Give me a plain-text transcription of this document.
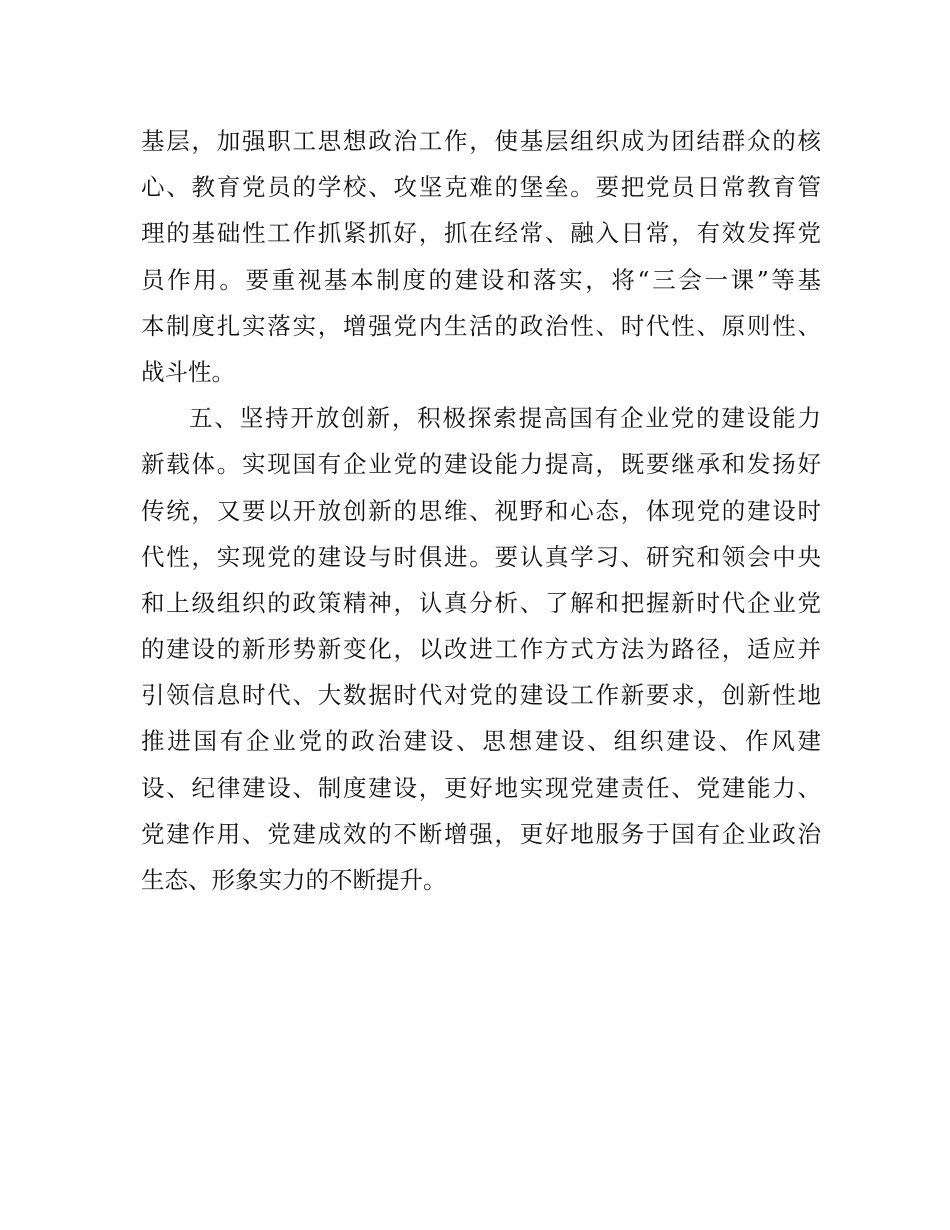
基层，加强职工思想政治工作，使基层组织成为团结群众的核
心、教育党员的学校、攻坚克难的堡垒。要把党员日常教育管
理的基础性工作抓紧抓好，抓在经常、融入日常，有效发挥党
员作用。要重视基本制度的建设和落实，将“三会一课”等基
本制度扎实落实，增强党内生活的政治性、时代性、原则性、
战斗性。
五、坚持开放创新，积极探索提高国有企业党的建设能力
新载体。实现国有企业党的建设能力提高，既要继承和发扬好
传统，又要以开放创新的思维、视野和心态，体现党的建设时
代性，实现党的建设与时俱进。要认真学习、研究和领会中央
和上级组织的政策精神，认真分析、了解和把握新时代企业党
的建设的新形势新变化，以改进工作方式方法为路径，适应并
引领信息时代、大数据时代对党的建设工作新要求，创新性地
推进国有企业党的政治建设、思想建设、组织建设、作风建
设、纪律建设、制度建设，更好地实现党建责任、党建能力、
党建作用、党建成效的不断增强，更好地服务于国有企业政治
生态、形象实力的不断提升。
